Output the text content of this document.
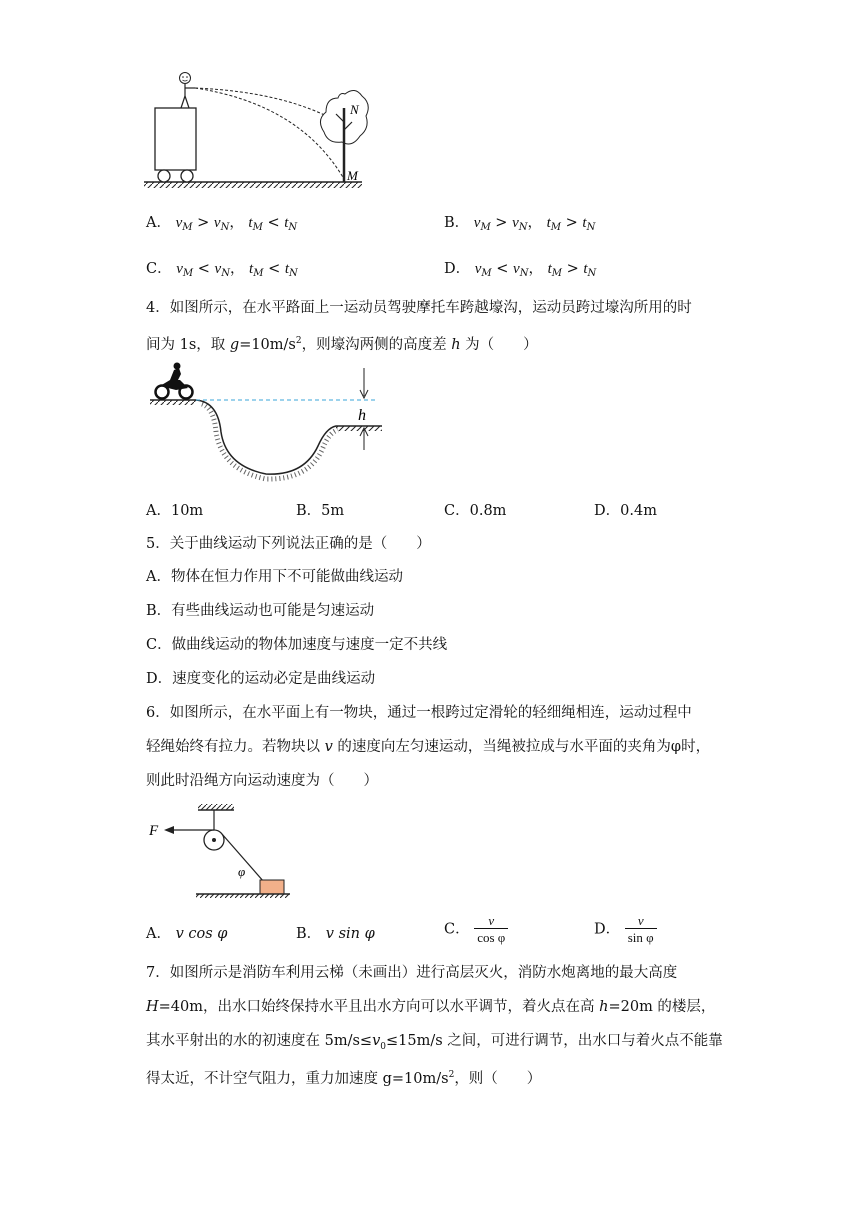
N
M
A． $v_M > v_N$， $t_M < t_N$	B． $v_M > v_N$， $t_M > t_N$
C． $v_M < v_N$， $t_M < t_N$	D． $v_M < v_N$， $t_M > t_N$
4．如图所示，在水平路面上一运动员驾驶摩托车跨越壕沟，运动员跨过壕沟所用的时
间为 1s，取 $g=10m/s^2$，则壕沟两侧的高度差 h 为（　　）
h
A．10m	B．5m	C．0.8m	D．0.4m
5．关于曲线运动下列说法正确的是（　　）
A．物体在恒力作用下不可能做曲线运动
B．有些曲线运动也可能是匀速运动
C．做曲线运动的物体加速度与速度一定不共线
D．速度变化的运动必定是曲线运动
6．如图所示，在水平面上有一物块，通过一根跨过定滑轮的轻细绳相连，运动过程中
轻绳始终有拉力。若物块以 v 的速度向左匀速运动，当绳被拉成与水平面的夹角为φ时，
则此时沿绳方向运动速度为（　　）
F
φ
A． v cos φ	B． v sin φ	C． $\frac{v}{\text{cos φ}}$	D． $\frac{v}{\text{sin φ}}$
7．如图所示是消防车利用云梯（未画出）进行高层灭火，消防水炮离地的最大高度
H=40m，出水口始终保持水平且出水方向可以水平调节，着火点在高 h=20m 的楼层，
其水平射出的水的初速度在 $5m/s\le v_0\le 15m/s$ 之间，可进行调节，出水口与着火点不能靠
得太近，不计空气阻力，重力加速度 $g=10m/s^2$，则（　　）
